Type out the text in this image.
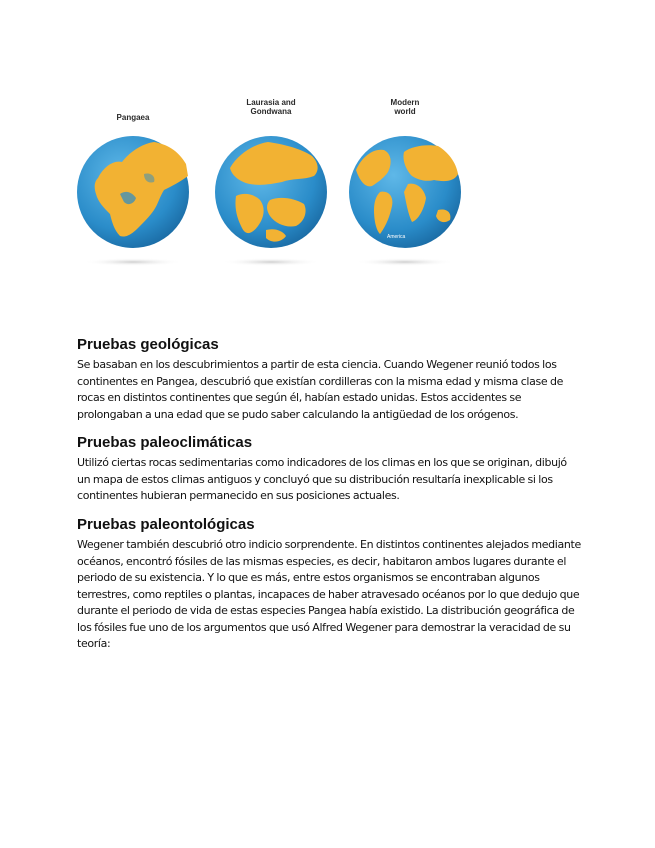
Pangaea
Laurasia and
Gondwana
Modern
world
America
Pruebas geológicas

Se basaban en los descubrimientos a partir de esta ciencia. Cuando Wegener reunió todos los continentes en Pangea, descubrió que existían cordilleras con la misma edad y misma clase de rocas en distintos continentes que según él, habían estado unidas. Estos accidentes se prolongaban a una edad que se pudo saber calculando la antigüedad de los orógenos.

Pruebas paleoclimáticas

Utilizó ciertas rocas sedimentarias como indicadores de los climas en los que se originan, dibujó un mapa de estos climas antiguos y concluyó que su distribución resultaría inexplicable si los continentes hubieran permanecido en sus posiciones actuales.

Pruebas paleontológicas

Wegener también descubrió otro indicio sorprendente. En distintos continentes alejados mediante océanos, encontró fósiles de las mismas especies, es decir, habitaron ambos lugares durante el periodo de su existencia. Y lo que es más, entre estos organismos se encontraban algunos terrestres, como reptiles o plantas, incapaces de haber atravesado océanos por lo que dedujo que durante el periodo de vida de estas especies Pangea había existido. La distribución geográfica de los fósiles fue uno de los argumentos que usó Alfred Wegener para demostrar la veracidad de su teoría:
